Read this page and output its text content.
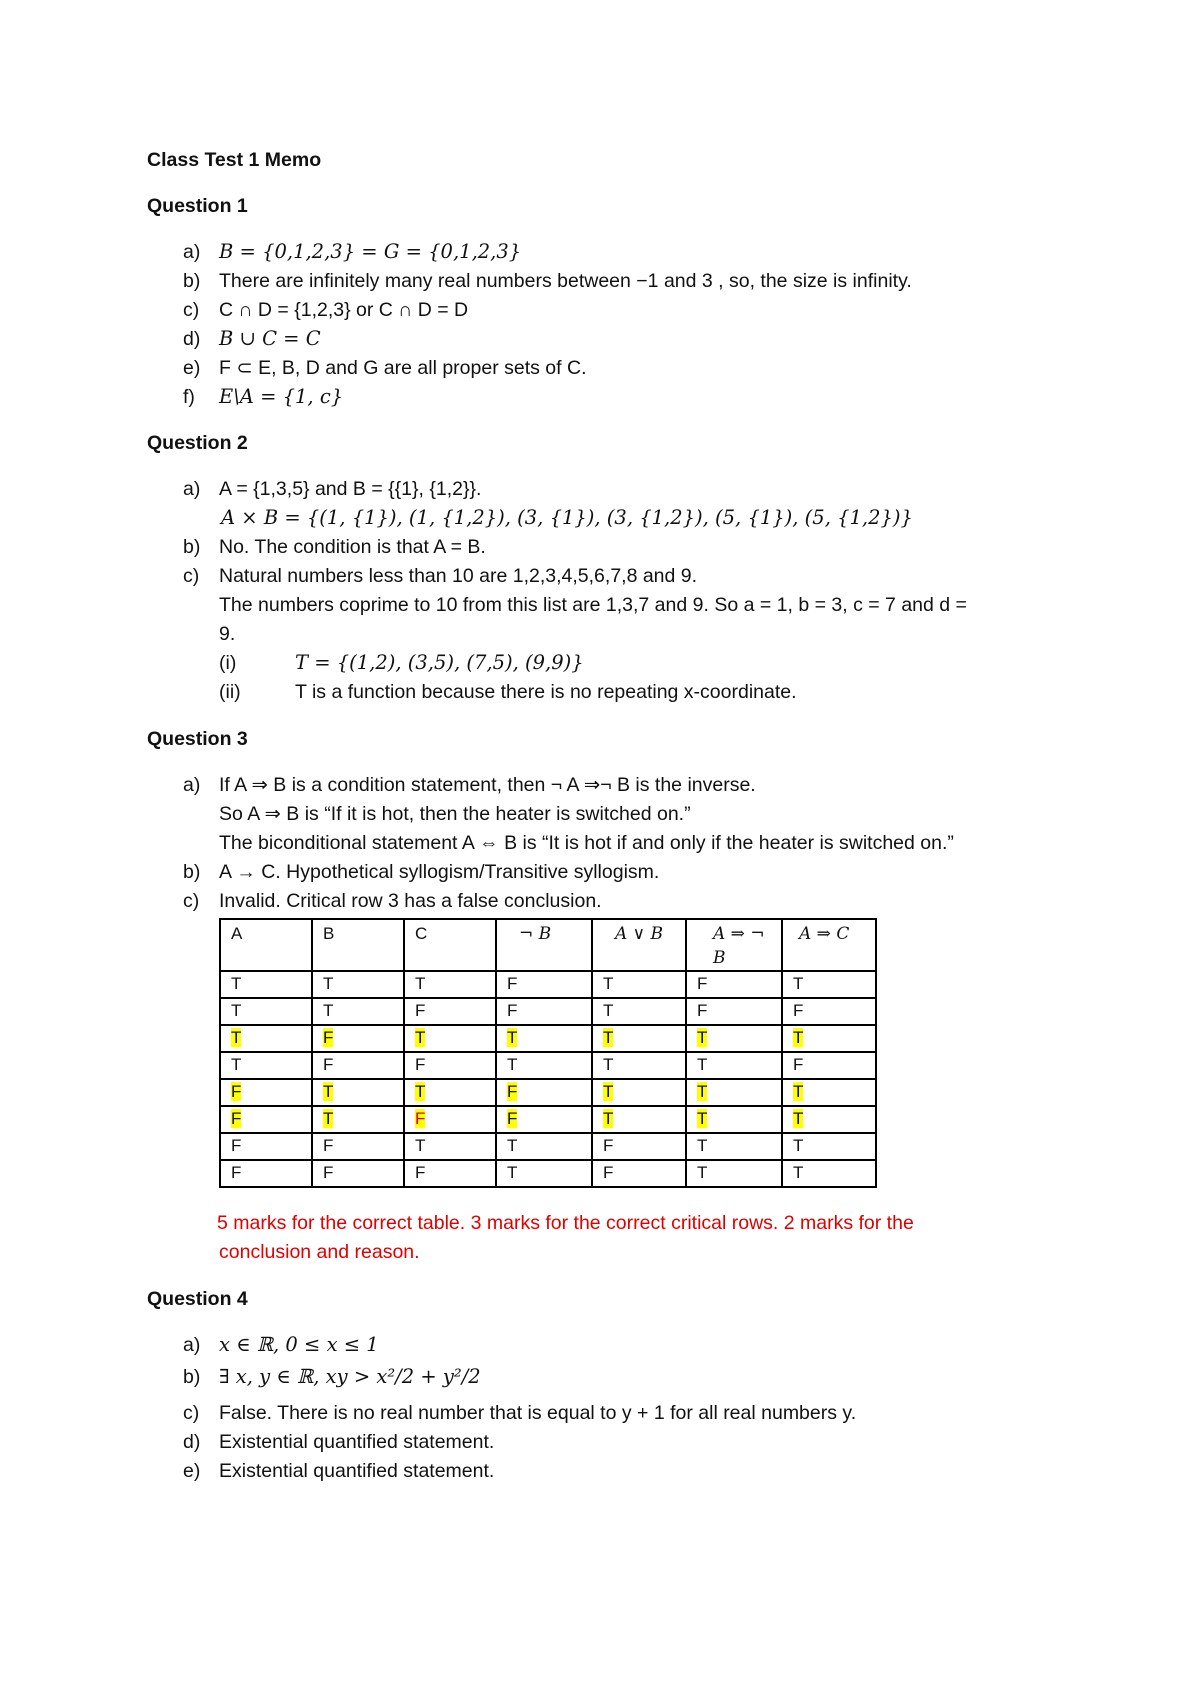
Class Test 1 Memo
Question 1
a) B = {0,1,2,3} = G = {0,1,2,3}
b) There are infinitely many real numbers between −1 and 3 , so, the size is infinity.
c) C ∩ D = {1,2,3} or C ∩ D = D
d) B ∪ C = C
e) F ⊂ E, B, D and G are all proper sets of C.
f) E\A = {1, c}
Question 2
a) A = {1,3,5} and B = {{1}, {1,2}}.
A × B = {(1, {1}), (1, {1,2}), (3, {1}), (3, {1,2}), (5, {1}), (5, {1,2})}
b) No. The condition is that A = B.
c) Natural numbers less than 10 are 1,2,3,4,5,6,7,8 and 9.
The numbers coprime to 10 from this list are 1,3,7 and 9. So a = 1, b = 3, c = 7 and d =
9.
(i)	T = {(1,2), (3,5), (7,5), (9,9)}
(ii)	T is a function because there is no repeating x-coordinate.
Question 3
a) If A ⇒ B is a condition statement, then ¬ A ⇒¬ B is the inverse.
So A ⇒ B is “If it is hot, then the heater is switched on.”
The biconditional statement A ⇔ B is “It is hot if and only if the heater is switched on.”
b) A → C. Hypothetical syllogism/Transitive syllogism.
c) Invalid. Critical row 3 has a false conclusion.
A	B	C	¬ B	A ∨ B	A ⇒ ¬ B	A ⇒ C
T	T	T	F	T	F	T
T	T	F	F	T	F	F
T	F	T	T	T	T	T
T	F	F	T	T	T	F
F	T	T	F	T	T	T
F	T	F	F	T	T	T
F	F	T	T	F	T	T
F	F	F	T	F	T	T
5 marks for the correct table. 3 marks for the correct critical rows. 2 marks for the
conclusion and reason.
Question 4
a) x ∈ ℝ, 0 ≤ x ≤ 1
b) ∃ x, y ∈ ℝ, xy > x²/2 + y²/2
c) False. There is no real number that is equal to y + 1 for all real numbers y.
d) Existential quantified statement.
e) Existential quantified statement.
